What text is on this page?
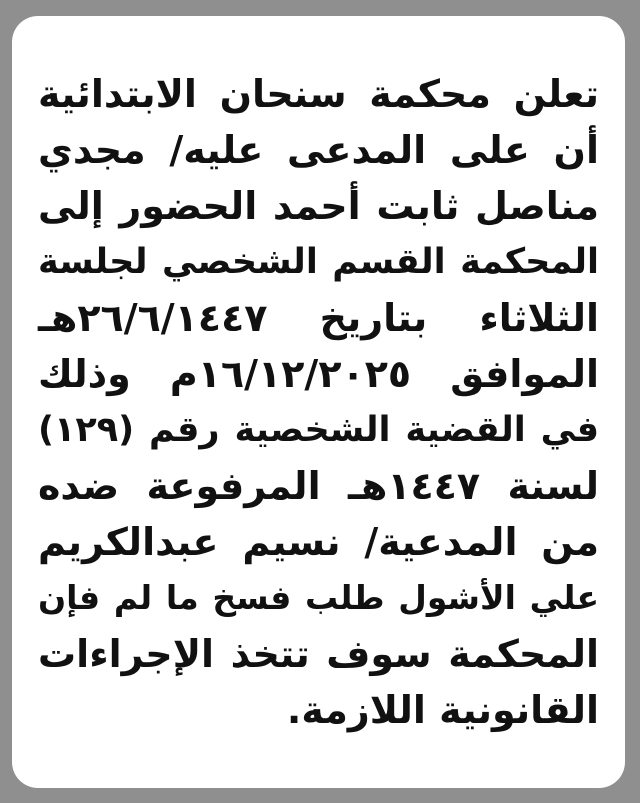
تعلن محكمة سنحان الابتدائية
أن على المدعى عليه/ مجدي
مناصل ثابت أحمد الحضور إلى
المحكمة القسم الشخصي لجلسة
الثلاثاء بتاريخ ٢٦/٦/١٤٤٧هـ
الموافق ١٦/١٢/٢٠٢٥م وذلك
في القضية الشخصية رقم (١٢٩)
لسنة ١٤٤٧هـ المرفوعة ضده
من المدعية/ نسيم عبدالكريم
علي الأشول طلب فسخ ما لم فإن
المحكمة سوف تتخذ الإجراءات
القانونية اللازمة.
